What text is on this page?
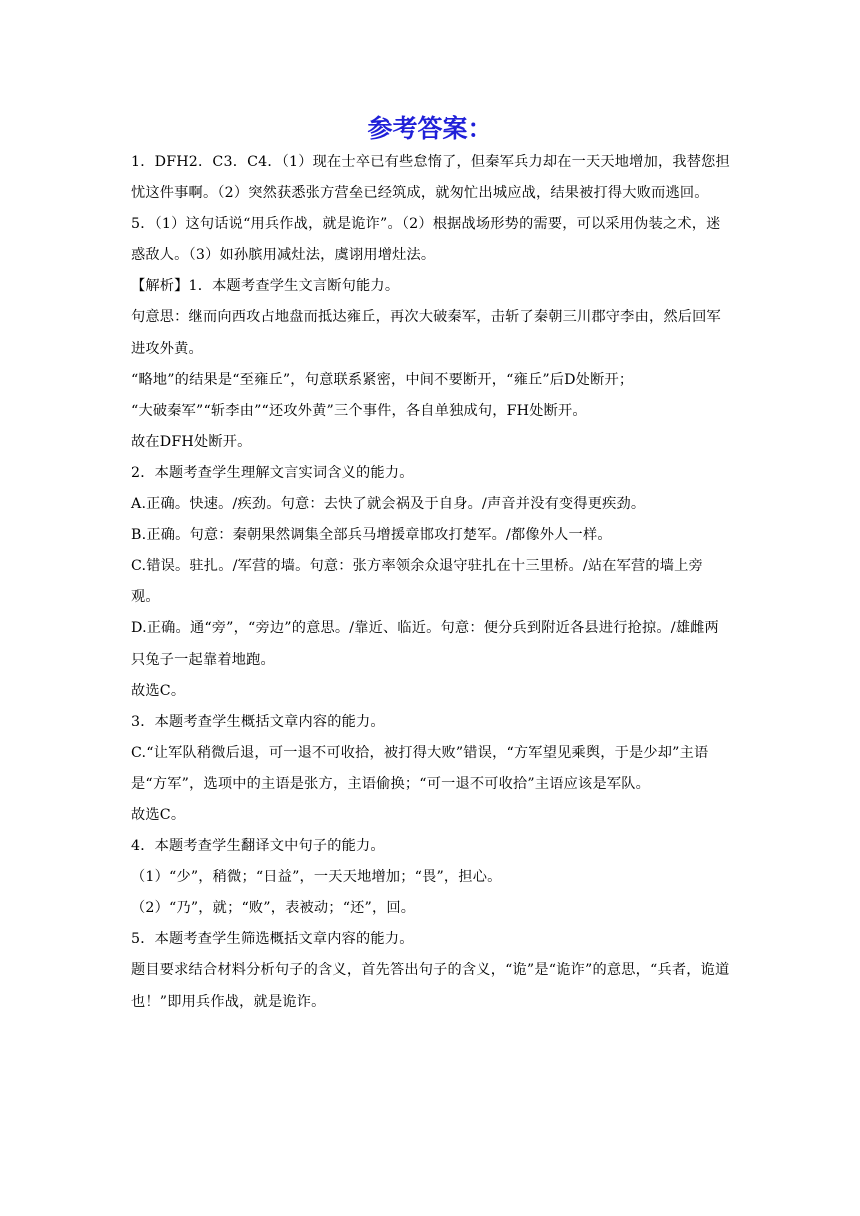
参考答案：

1．DFH2．C3．C4．（1）现在士卒已有些怠惰了，但秦军兵力却在一天天地增加，我替您担忧这件事啊。（2）突然获悉张方营垒已经筑成，就匆忙出城应战，结果被打得大败而逃回。

5．（1）这句话说“用兵作战，就是诡诈”。（2）根据战场形势的需要，可以采用伪装之术，迷惑敌人。（3）如孙膑用减灶法，虞诩用增灶法。

【解析】1．本题考查学生文言断句能力。

句意思：继而向西攻占地盘而抵达雍丘，再次大破秦军，击斩了秦朝三川郡守李由，然后回军进攻外黄。

“略地”的结果是“至雍丘”，句意联系紧密，中间不要断开，“雍丘”后D处断开；

“大破秦军”“斩李由”“还攻外黄”三个事件，各自单独成句，FH处断开。

故在DFH处断开。

2．本题考查学生理解文言实词含义的能力。

A.正确。快速。/疾劲。句意：去快了就会祸及于自身。/声音并没有变得更疾劲。

B.正确。句意：秦朝果然调集全部兵马增援章邯攻打楚军。/都像外人一样。

C.错误。驻扎。/军营的墙。句意：张方率领余众退守驻扎在十三里桥。/站在军营的墙上旁观。

D.正确。通“旁”，“旁边”的意思。/靠近、临近。句意：便分兵到附近各县进行抢掠。/雄雌两只兔子一起靠着地跑。

故选C。

3．本题考查学生概括文章内容的能力。

C.“让军队稍微后退，可一退不可收拾，被打得大败”错误，“方军望见乘舆，于是少却”主语是“方军”，选项中的主语是张方，主语偷换；“可一退不可收拾”主语应该是军队。

故选C。

4．本题考查学生翻译文中句子的能力。

（1）“少”，稍微；“日益”，一天天地增加；“畏”，担心。

（2）“乃”，就；“败”，表被动；“还”，回。

5．本题考查学生筛选概括文章内容的能力。

题目要求结合材料分析句子的含义，首先答出句子的含义，“诡”是“诡诈”的意思，“兵者，诡道也！”即用兵作战，就是诡诈。
